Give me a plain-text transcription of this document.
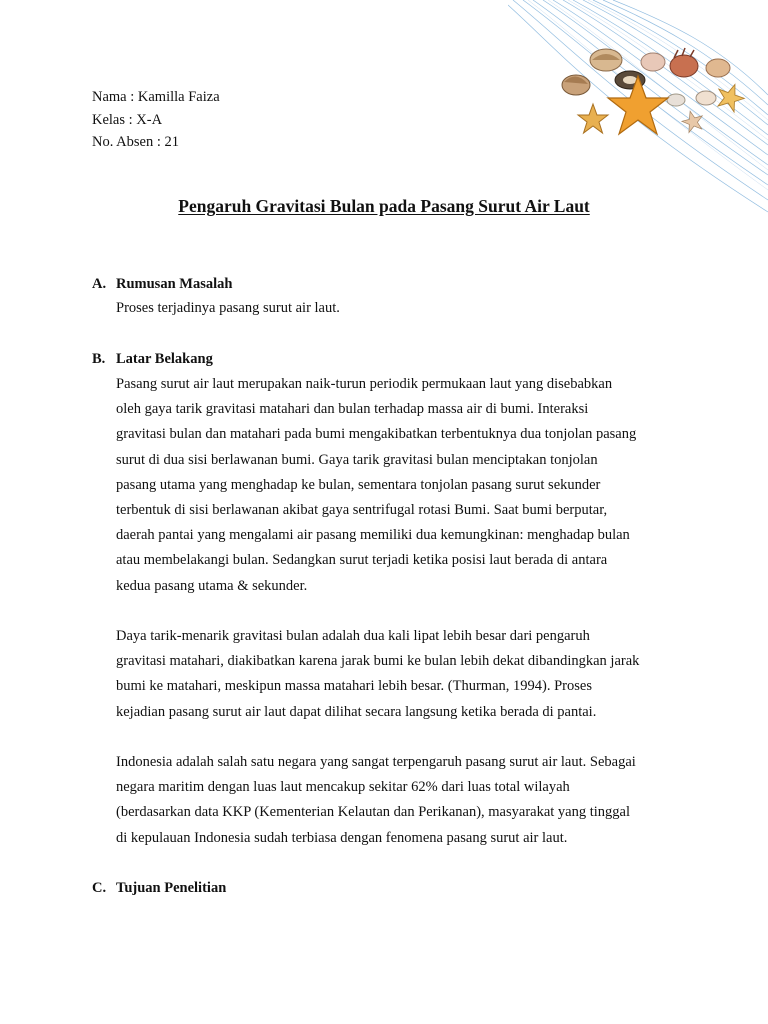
Nama : Kamilla Faiza
Kelas : X-A
No. Absen : 21
Pengaruh Gravitasi Bulan pada Pasang Surut Air Laut
A. Rumusan Masalah
Proses terjadinya pasang surut air laut.
B. Latar Belakang
Pasang surut air laut merupakan naik-turun periodik permukaan laut yang disebabkan
oleh gaya tarik gravitasi matahari dan bulan terhadap massa air di bumi. Interaksi
gravitasi bulan dan matahari pada bumi mengakibatkan terbentuknya dua tonjolan pasang
surut di dua sisi berlawanan bumi. Gaya tarik gravitasi bulan menciptakan tonjolan
pasang utama yang menghadap ke bulan, sementara tonjolan pasang surut sekunder
terbentuk di sisi berlawanan akibat gaya sentrifugal rotasi Bumi. Saat bumi berputar,
daerah pantai yang mengalami air pasang memiliki dua kemungkinan: menghadap bulan
atau membelakangi bulan. Sedangkan surut terjadi ketika posisi laut berada di antara
kedua pasang utama & sekunder.
Daya tarik-menarik gravitasi bulan adalah dua kali lipat lebih besar dari pengaruh
gravitasi matahari, diakibatkan karena jarak bumi ke bulan lebih dekat dibandingkan jarak
bumi ke matahari, meskipun massa matahari lebih besar. (Thurman, 1994). Proses
kejadian pasang surut air laut dapat dilihat secara langsung ketika berada di pantai.
Indonesia adalah salah satu negara yang sangat terpengaruh pasang surut air laut. Sebagai
negara maritim dengan luas laut mencakup sekitar 62% dari luas total wilayah
(berdasarkan data KKP (Kementerian Kelautan dan Perikanan), masyarakat yang tinggal
di kepulauan Indonesia sudah terbiasa dengan fenomena pasang surut air laut.
C. Tujuan Penelitian
